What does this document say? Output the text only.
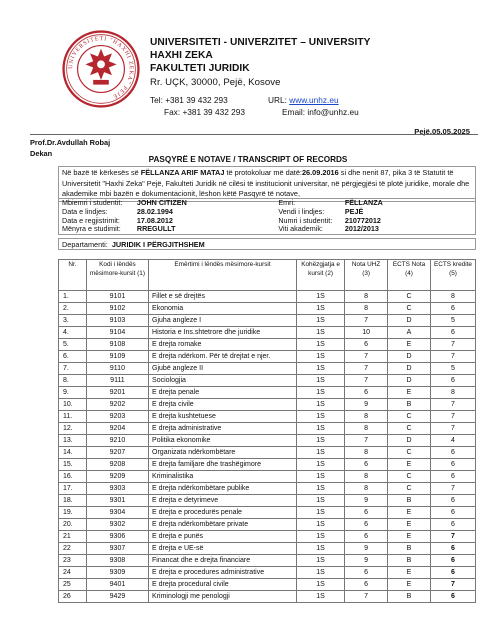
UNIVERSITETI "HAXHI ZEKA" PEJË
UNIVERSITETI - UNIVERZITET – UNIVERSITY
HAXHI ZEKA
FAKULTETI JURIDIK
Rr. UÇK, 30000, Pejë, Kosove
Tel: +381 39 432 293	URL:
www.unhz.eu
Fax: +381 39 432 293	Email:
info@unhz.eu
Pejë.05.05.2025
Prof.Dr.Avdullah Robaj
Dekan
PASQYRË E NOTAVE / TRANSCRIPT OF RECORDS
Në bazë të kërkesës së FËLLANZA ARIF MATAJ të protokoluar më datë:26.09.2016 si dhe nenit 87, pika 3 të Statutit të Universitetit "Haxhi Zeka" Pejë, Fakulteti Juridik në cilësi të institucionit universitar, në përgjegjësi të plotë juridike, morale dhe akademike mbi bazën e dokumentacionit, lëshon këtë Pasqyrë të notave,
Mbiemri i studentit:	JOHN CITIZEN	Emri:	FËLLANZA
Data e lindjes:	28.02.1994	Vendi i lindjes:	PEJË
Data e regjistrimit:	17.08.2012	Numri i studentit:	210772012
Mënyra e studimit:	RREGULLT	Viti akademik:	2012/2013
Departamenti: JURIDIK I PËRGJITHSHEM
Nr.	Kodi i lëndës mësimore-kursit (1)	Emërtimi i lëndës mësimore-kursit	Kohëzgjatja e kursit (2)	Nota UHZ (3)	ECTS Nota (4)	ECTS kredite (5)
1.	9101	Fillet e së drejtës	1S	8	C	8
2.	9102	Ekonomia	1S	8	C	6
3.	9103	Gjuha angleze I	1S	7	D	5
4.	9104	Historia e Ins.shtetrore dhe juridike	1S	10	A	6
5.	9108	E drejta romake	1S	6	E	7
6.	9109	E drejta ndërkom. Për të drejtat e njer.	1S	7	D	7
7.	9110	Gjubë angleze II	1S	7	D	5
8.	9111	Sociologjia	1S	7	D	6
9.	9201	E drejta penale	1S	6	E	8
10.	9202	E drejta civile	1S	9	B	7
11.	9203	E drejta kushtetuese	1S	8	C	7
12.	9204	E drejta administrative	1S	8	C	7
13.	9210	Politika ekonomike	1S	7	D	4
14.	9207	Organizata ndërkombëtare	1S	8	C	6
15.	9208	E drejta familjare dhe trashëgimore	1S	6	E	6
16.	9209	Kriminalistika	1S	8	C	6
17.	9303	E drejta ndërkombëtare publike	1S	8	C	7
18.	9301	E drejta e detyrimeve	1S	9	B	6
19.	9304	E drejta e procedurës penale	1S	6	E	6
20.	9302	E drejta ndërkombëtare private	1S	6	E	6
21	9306	E drejta e punës	1S	6	E	7
22	9307	E drejta e UE-së	1S	9	B	6
23	9308	Financat dhe e drejta financiare	1S	9	B	6
24	9309	E drejta e procedures administrative	1S	6	E	6
25	9401	E drejta procedural civile	1S	6	E	7
26	9429	Kriminologji me penologji	1S	7	B	6
